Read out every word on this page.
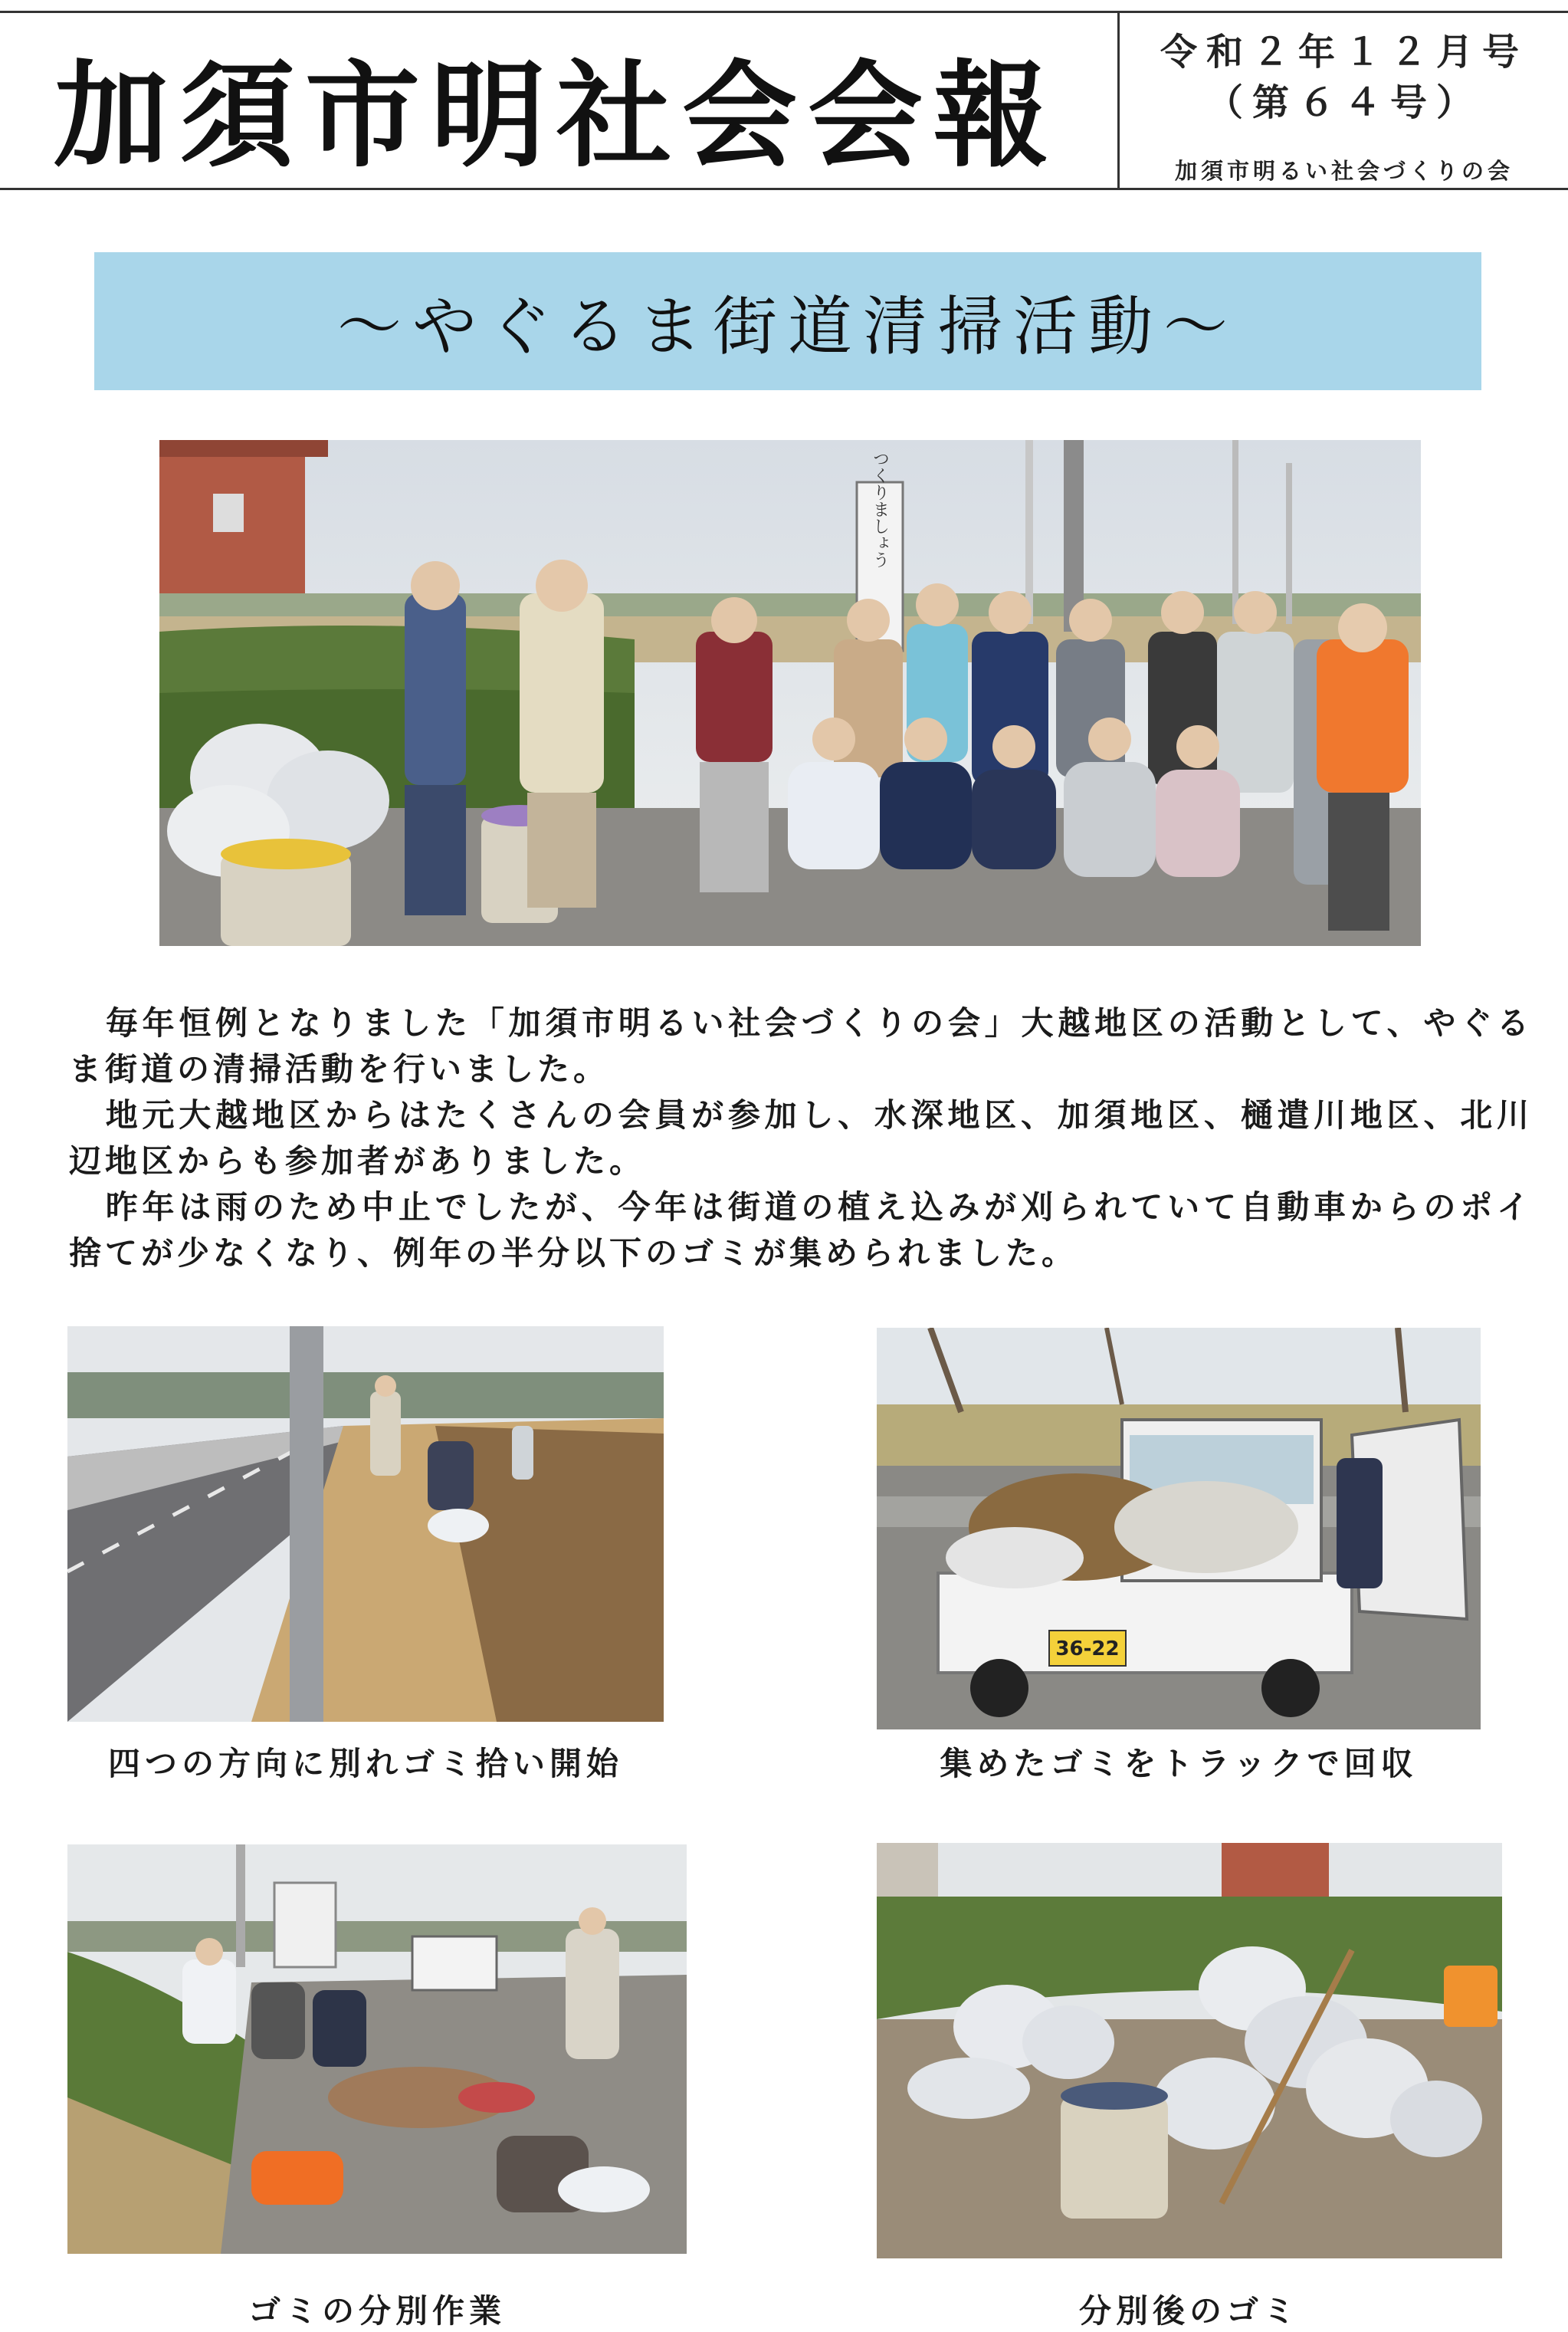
加須市明社会会報	令和２年１２月号
（第６４号）
加須市明るい社会づくりの会
〜やぐるま街道清掃活動〜
つくりましょう

　毎年恒例となりました「加須市明るい社会づくりの会」大越地区の活動として、やぐるま街道の清掃活動を行いました。

　地元大越地区からはたくさんの会員が参加し、水深地区、加須地区、樋遣川地区、北川辺地区からも参加者がありました。

　昨年は雨のため中止でしたが、今年は街道の植え込みが刈られていて自動車からのポイ捨てが少なくなり、例年の半分以下のゴミが集められました。

36-22
四つの方向に別れゴミ拾い開始	集めたゴミをトラックで回収
ゴミの分別作業	分別後のゴミ
